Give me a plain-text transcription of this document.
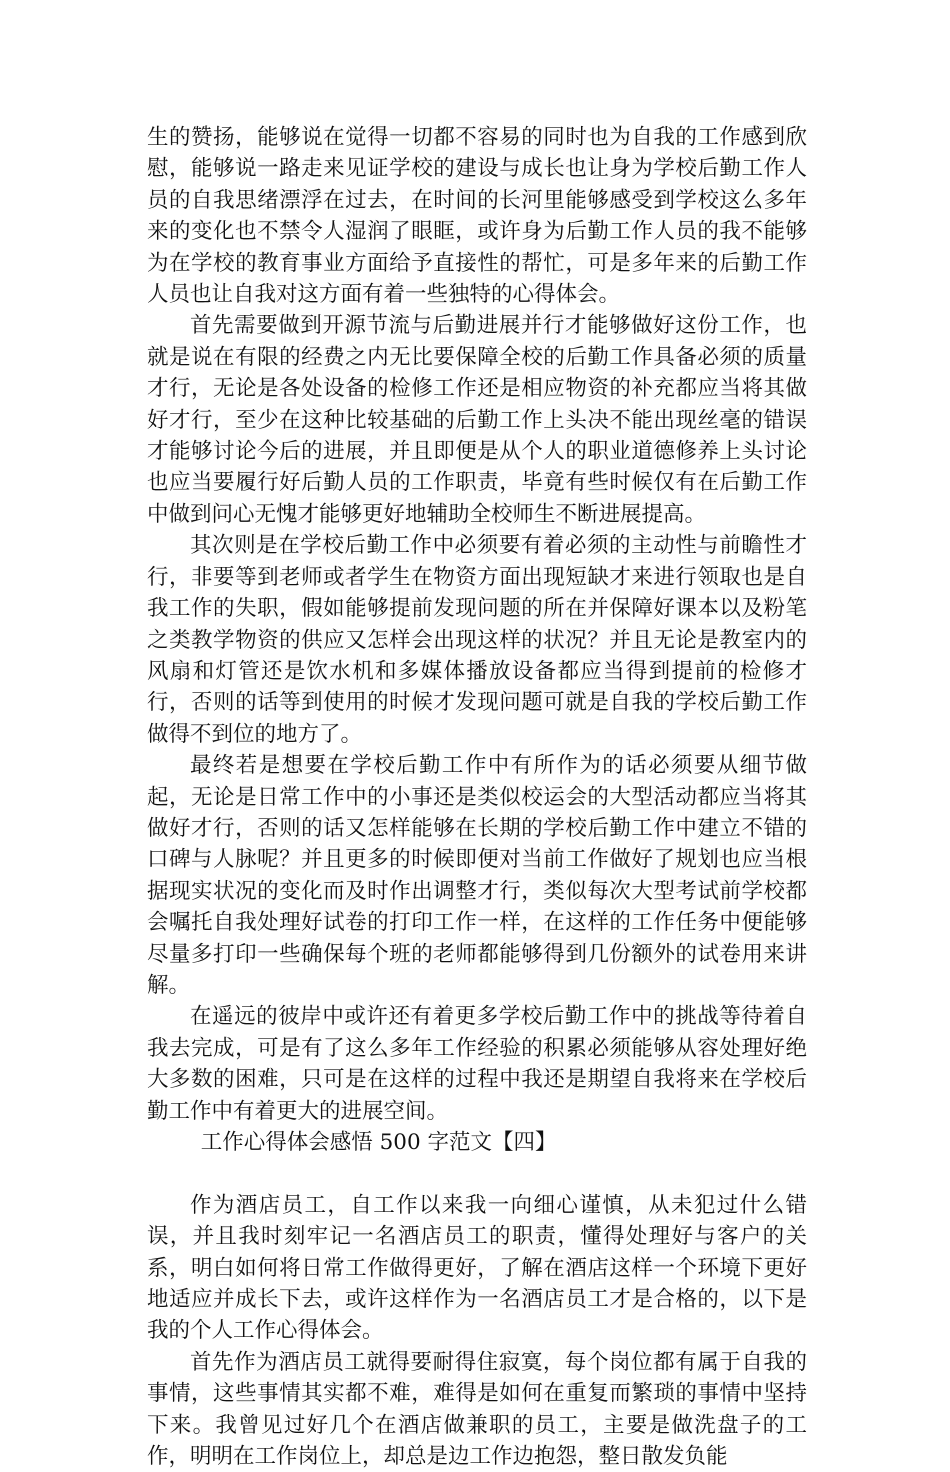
生的赞扬，能够说在觉得一切都不容易的同时也为自我的工作感到欣慰，能够说一路走来见证学校的建设与成长也让身为学校后勤工作人员的自我思绪漂浮在过去，在时间的长河里能够感受到学校这么多年来的变化也不禁令人湿润了眼眶，或许身为后勤工作人员的我不能够为在学校的教育事业方面给予直接性的帮忙，可是多年来的后勤工作人员也让自我对这方面有着一些独特的心得体会。

首先需要做到开源节流与后勤进展并行才能够做好这份工作，也就是说在有限的经费之内无比要保障全校的后勤工作具备必须的质量才行，无论是各处设备的检修工作还是相应物资的补充都应当将其做好才行，至少在这种比较基础的后勤工作上头决不能出现丝毫的错误才能够讨论今后的进展，并且即便是从个人的职业道德修养上头讨论也应当要履行好后勤人员的工作职责，毕竟有些时候仅有在后勤工作中做到问心无愧才能够更好地辅助全校师生不断进展提高。

其次则是在学校后勤工作中必须要有着必须的主动性与前瞻性才行，非要等到老师或者学生在物资方面出现短缺才来进行领取也是自我工作的失职，假如能够提前发现问题的所在并保障好课本以及粉笔之类教学物资的供应又怎样会出现这样的状况？并且无论是教室内的风扇和灯管还是饮水机和多媒体播放设备都应当得到提前的检修才行，否则的话等到使用的时候才发现问题可就是自我的学校后勤工作做得不到位的地方了。

最终若是想要在学校后勤工作中有所作为的话必须要从细节做起，无论是日常工作中的小事还是类似校运会的大型活动都应当将其做好才行，否则的话又怎样能够在长期的学校后勤工作中建立不错的口碑与人脉呢？并且更多的时候即便对当前工作做好了规划也应当根据现实状况的变化而及时作出调整才行，类似每次大型考试前学校都会嘱托自我处理好试卷的打印工作一样，在这样的工作任务中便能够尽量多打印一些确保每个班的老师都能够得到几份额外的试卷用来讲解。

在遥远的彼岸中或许还有着更多学校后勤工作中的挑战等待着自我去完成，可是有了这么多年工作经验的积累必须能够从容处理好绝大多数的困难，只可是在这样的过程中我还是期望自我将来在学校后勤工作中有着更大的进展空间。

工作心得体会感悟 500 字范文【四】

作为酒店员工，自工作以来我一向细心谨慎，从未犯过什么错误，并且我时刻牢记一名酒店员工的职责，懂得处理好与客户的关系，明白如何将日常工作做得更好，了解在酒店这样一个环境下更好地适应并成长下去，或许这样作为一名酒店员工才是合格的，以下是我的个人工作心得体会。

首先作为酒店员工就得要耐得住寂寞，每个岗位都有属于自我的事情，这些事情其实都不难，难得是如何在重复而繁琐的事情中坚持下来。我曾见过好几个在酒店做兼职的员工，主要是做洗盘子的工作，明明在工作岗位上，却总是边工作边抱怨，整日散发负能
